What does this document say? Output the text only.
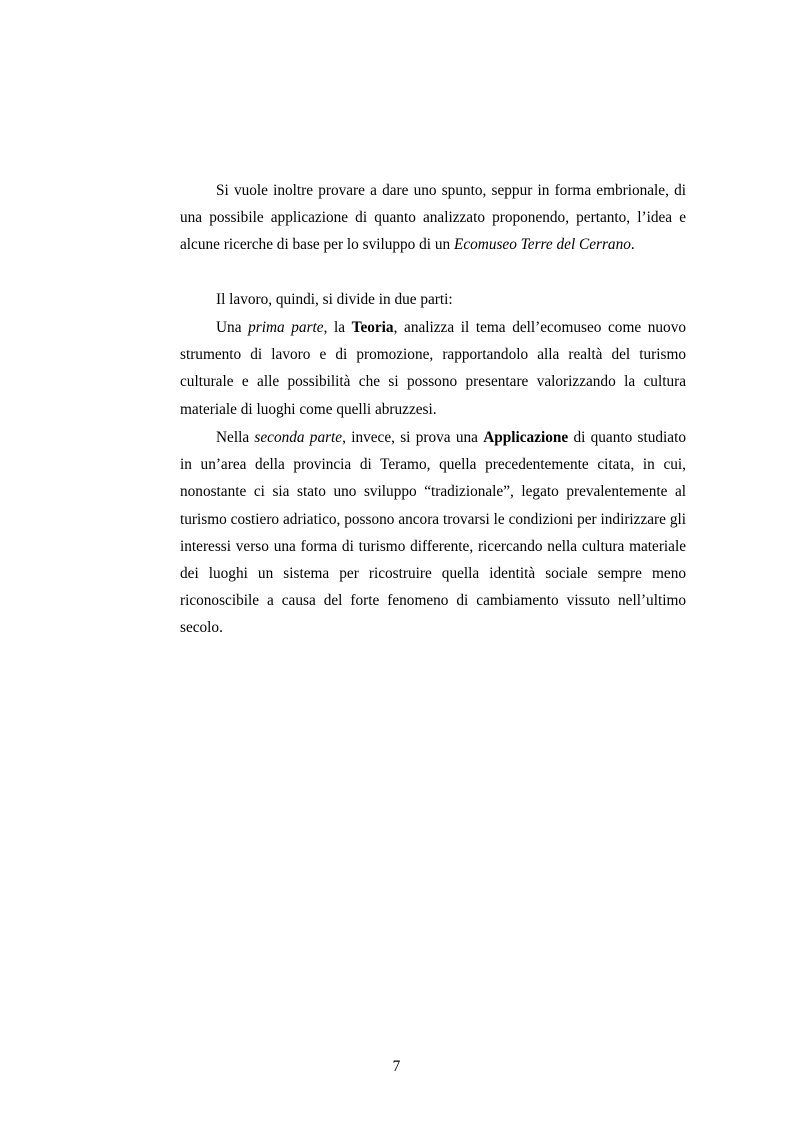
Si vuole inoltre provare a dare uno spunto, seppur in forma embrionale, di una possibile applicazione di quanto analizzato proponendo, pertanto, l’idea e alcune ricerche di base per lo sviluppo di un Ecomuseo Terre del Cerrano.

Il lavoro, quindi, si divide in due parti:

Una prima parte, la Teoria, analizza il tema dell’ecomuseo come nuovo strumento di lavoro e di promozione, rapportandolo alla realtà del turismo culturale e alle possibilità che si possono presentare valorizzando la cultura materiale di luoghi come quelli abruzzesi.

Nella seconda parte, invece, si prova una Applicazione di quanto studiato in un’area della provincia di Teramo, quella precedentemente citata, in cui, nonostante ci sia stato uno sviluppo “tradizionale”, legato prevalentemente al turismo costiero adriatico, possono ancora trovarsi le condizioni per indirizzare gli interessi verso una forma di turismo differente, ricercando nella cultura materiale dei luoghi un sistema per ricostruire quella identità sociale sempre meno riconoscibile a causa del forte fenomeno di cambiamento vissuto nell’ultimo secolo.

7
